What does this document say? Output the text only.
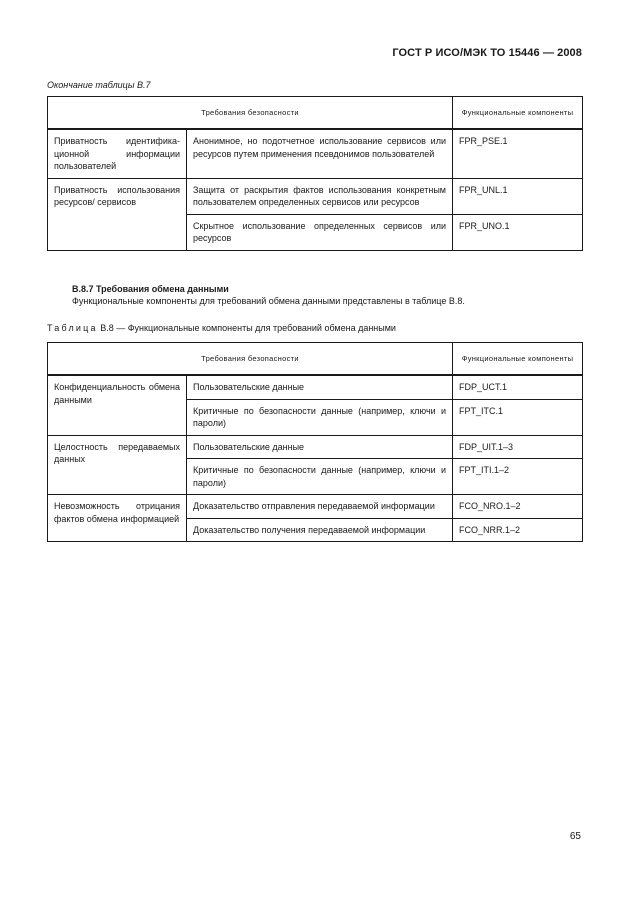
ГОСТ Р ИСО/МЭК ТО 15446 — 2008
Окончание таблицы B.7
Требования безопасности		Функциональные компоненты
Приватность идентификационной информации пользователей	Анонимное, но подотчетное использование сервисов или ресурсов путем применения псевдонимов пользователей	FPR_PSE.1
Приватность использования ресурсов/ сервисов	Защита от раскрытия фактов использования конкретным пользователем определенных сервисов или ресурсов	FPR_UNL.1
	Скрытное использование определенных сервисов или ресурсов	FPR_UNO.1
B.8.7 Требования обмена данными
Функциональные компоненты для требований обмена данными представлены в таблице B.8.
Таблица B.8 — Функциональные компоненты для требований обмена данными
Требования безопасности		Функциональные компоненты
Конфиденциальность обмена данными	Пользовательские данные	FDP_UCT.1
	Критичные по безопасности данные (например, ключи и пароли)	FPT_ITC.1
Целостность передаваемых данных	Пользовательские данные	FDP_UIT.1–3
	Критичные по безопасности данные (например, ключи и пароли)	FPT_ITI.1–2
Невозможность отрицания фактов обмена информацией	Доказательство отправления передаваемой информации	FCO_NRO.1–2
	Доказательство получения передаваемой информации	FCO_NRR.1–2
65
